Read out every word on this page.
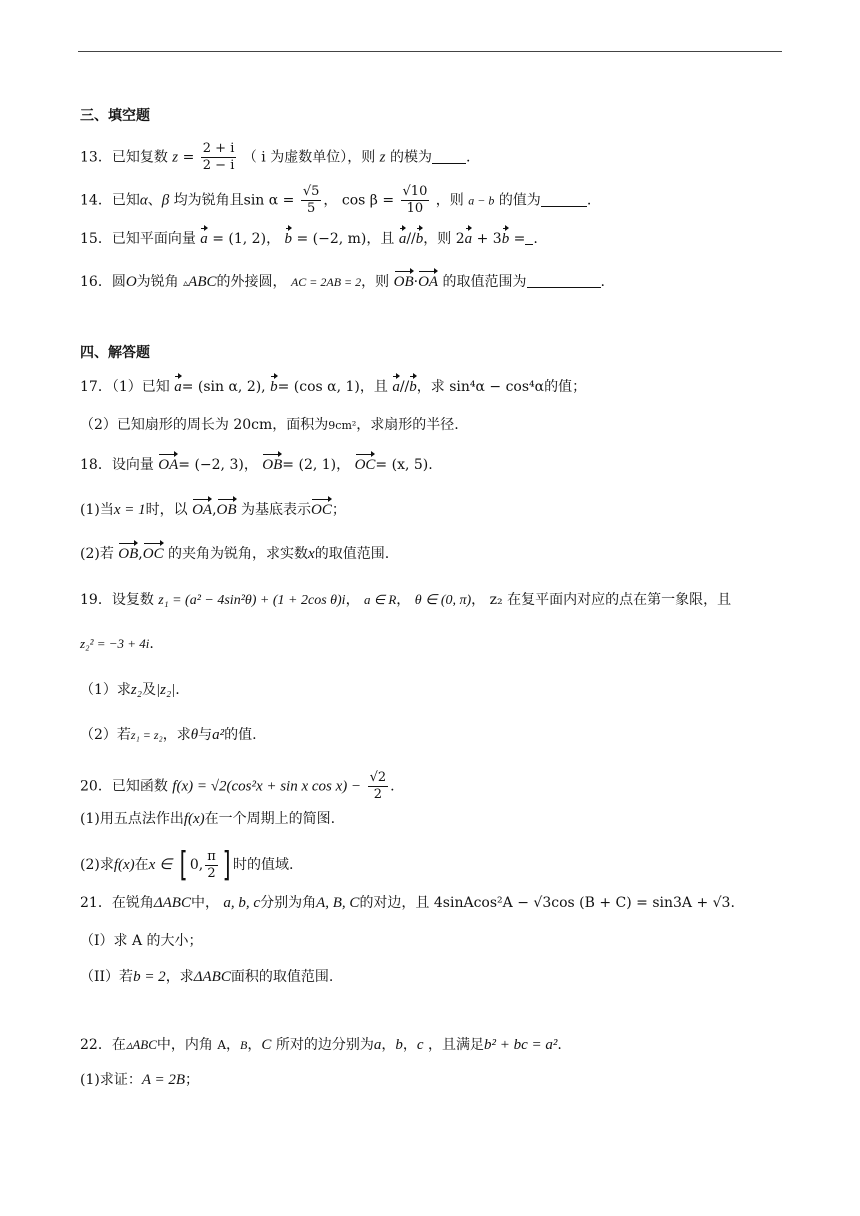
三、填空题
13．已知复数 $z = \frac{2 + i}{2 - i}$ （ i 为虚数单位），则 z 的模为 .
14．已知α、β 均为锐角且$\sin \alpha = \frac{√5}{5}$ ， $\cos \beta = \frac{√10}{10}$ ，则 a − b 的值为	.
15．已知平面向量 a = (1, 2)， b = (−2, m)，且 a//b，则 2a + 3b = .
16．圆O为锐角 ▵ABC的外接圆， AC = 2AB = 2，则 OB·OA 的取值范围为	.
四、解答题
17．（1）已知 a= (sin α, 2), b= (cos α, 1)，且 a//b，求 sin⁴α − cos⁴α的值；
（2）已知扇形的周长为 20cm，面积为9cm²，求扇形的半径.
18．设向量 OA= (−2, 3)， OB= (2, 1)， OC= (x, 5).
(1)当x = 1时，以 OA,OB 为基底表示OC；
(2)若 OB,OC 的夹角为锐角，求实数x的取值范围.
19．设复数 z₁ = (a² − 4sin²θ) + (1 + 2cos θ)i， a ∈ R， θ ∈ (0, π)， z₂ 在复平面内对应的点在第一象限，且
z₂² = −3 + 4i.
（1）求z₂及|z₂|.
（2）若z₁ = z₂，求θ与a²的值.
20．已知函数 f(x) = √2(cos²x + sin x $\cos x) - \frac{√2}{2}$ .
(1)用五点法作出f(x)在一个周期上的简图.
(2)求f(x)在x ∈ [ 0, $\frac{\pi}{2}$ ] 时的值域.
21．在锐角ΔABC中， a, b, c分别为角A, B, C的对边，且 4sinAcos²A − √3cos (B + C) = sin3A + √3.
（I）求 A 的大小；
（II）若b = 2，求ΔABC面积的取值范围.
22．在▵ABC中，内角 A，B，C 所对的边分别为a，b，c ，且满足b² + bc = a².
(1)求证：A = 2B；
